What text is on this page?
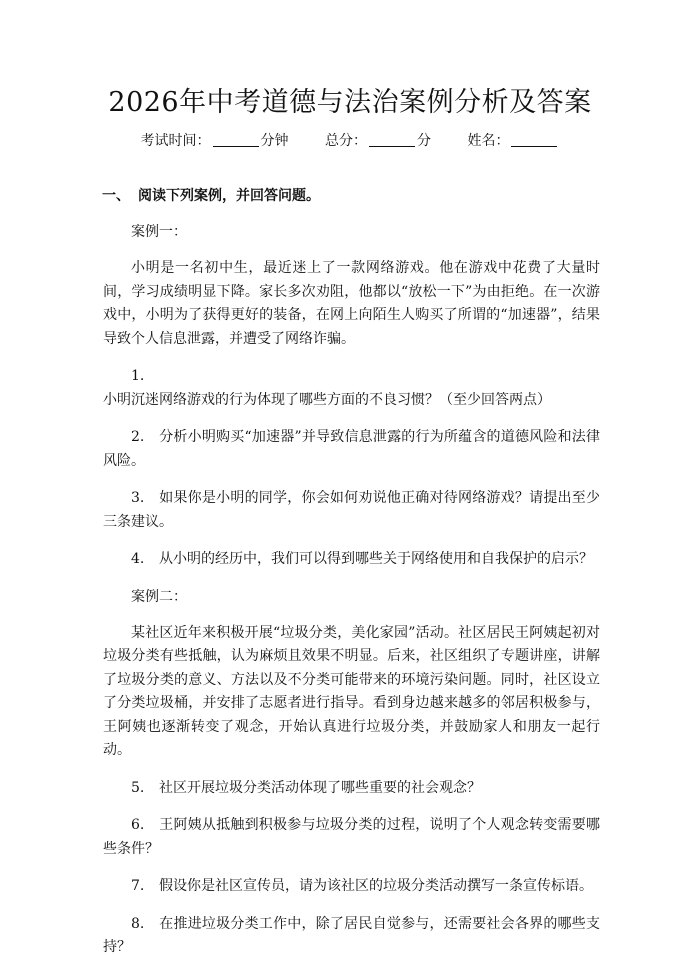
2026年中考道德与法治案例分析及答案
考试时间：	分钟	总分：	分	姓名：
一、 阅读下列案例，并回答问题。
案例一：

小明是一名初中生，最近迷上了一款网络游戏。他在游戏中花费了大量时间，学习成绩明显下降。家长多次劝阻，他都以“放松一下”为由拒绝。在一次游戏中，小明为了获得更好的装备，在网上向陌生人购买了所谓的“加速器”，结果导致个人信息泄露，并遭受了网络诈骗。

1.小明沉迷网络游戏的行为体现了哪些方面的不良习惯？（至少回答两点）

2. 分析小明购买“加速器”并导致信息泄露的行为所蕴含的道德风险和法律风险。

3. 如果你是小明的同学，你会如何劝说他正确对待网络游戏？请提出至少三条建议。

4. 从小明的经历中，我们可以得到哪些关于网络使用和自我保护的启示？

案例二：

某社区近年来积极开展“垃圾分类，美化家园”活动。社区居民王阿姨起初对垃圾分类有些抵触，认为麻烦且效果不明显。后来，社区组织了专题讲座，讲解了垃圾分类的意义、方法以及不分类可能带来的环境污染问题。同时，社区设立了分类垃圾桶，并安排了志愿者进行指导。看到身边越来越多的邻居积极参与，王阿姨也逐渐转变了观念，开始认真进行垃圾分类，并鼓励家人和朋友一起行动。

5. 社区开展垃圾分类活动体现了哪些重要的社会观念？

6. 王阿姨从抵触到积极参与垃圾分类的过程，说明了个人观念转变需要哪些条件？

7. 假设你是社区宣传员，请为该社区的垃圾分类活动撰写一条宣传标语。

8. 在推进垃圾分类工作中，除了居民自觉参与，还需要社会各界的哪些支持？
